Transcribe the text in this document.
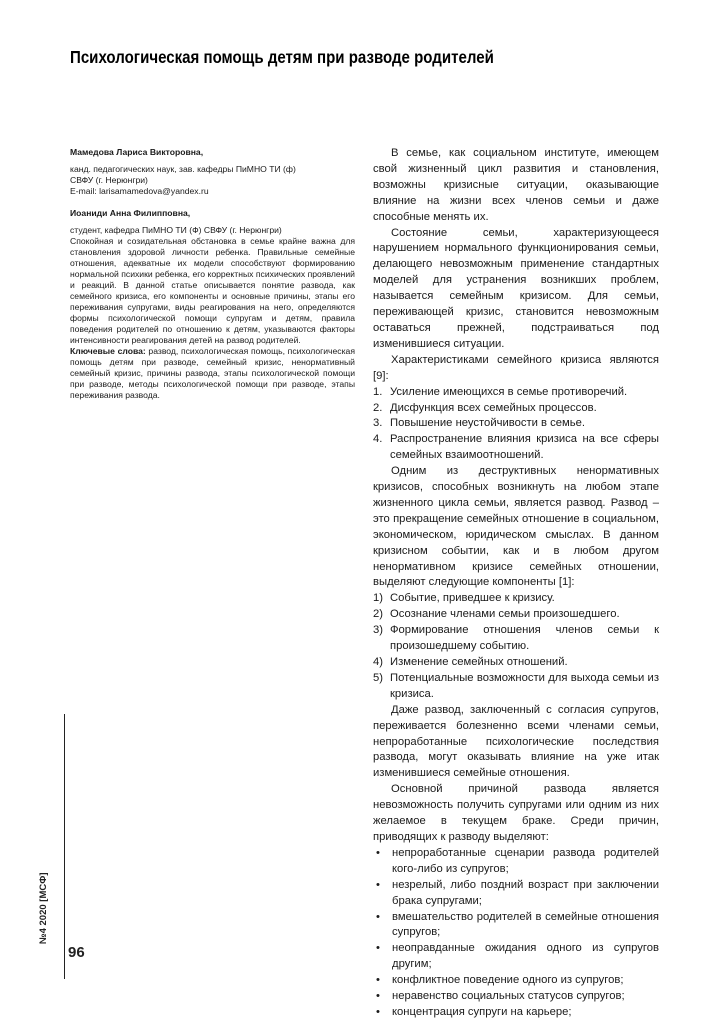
Психологическая помощь детям при разводе родителей

Мамедова Лариса Викторовна,

канд. педагогических наук, зав. кафедры ПиМНО ТИ (ф)

СВФУ (г. Нерюнгри)

E-mail: larisamamedova@yandex.ru

Иоаниди Анна Филипповна,

студент, кафедра ПиМНО ТИ (Ф) СВФУ (г. Нерюнгри)

Спокойная и созидательная обстановка в семье крайне важна для становления здоровой личности ребенка. Правильные семейные отношения, адекватные их модели способствуют формированию нормальной психики ребенка, его корректных психических проявлений и реакций. В данной статье описывается понятие развода, как семейного кризиса, его компоненты и основные причины, этапы его переживания супругами, виды реагирования на него, определяются формы психологической помощи супругам и детям, правила поведения родителей по отношению к детям, указываются факторы интенсивности реагирования детей на развод родителей.

Ключевые слова: развод, психологическая помощь, психологическая помощь детям при разводе, семейный кризис, ненормативный семейный кризис, причины развода, этапы психологической помощи при разводе, методы психологической помощи при разводе, этапы переживания развода.

В семье, как социальном институте, имеющем свой жизненный цикл развития и становления, возможны кризисные ситуации, оказывающие влияние на жизни всех членов семьи и даже способные менять их.

Состояние семьи, характеризующееся нарушением нормального функционирования семьи, делающего невозможным применение стандартных моделей для устранения возникших проблем, называется семейным кризисом. Для семьи, переживающей кризис, становится невозможным оставаться прежней, подстраиваться под изменившиеся ситуации.

Характеристиками семейного кризиса являются [9]:

1. Усиление имеющихся в семье противоречий.
2. Дисфункция всех семейных процессов.
3. Повышение неустойчивости в семье.
4. Распространение влияния кризиса на все сферы семейных взаимоотношений.

Одним из деструктивных ненормативных кризисов, способных возникнуть на любом этапе жизненного цикла семьи, является развод. Развод – это прекращение семейных отношение в социальном, экономическом, юридическом смыслах. В данном кризисном событии, как и в любом другом ненормативном кризисе семейных отношении, выделяют следующие компоненты [1]:

1) Событие, приведшее к кризису.
2) Осознание членами семьи произошедшего.
3) Формирование отношения членов семьи к произошедшему событию.
4) Изменение семейных отношений.
5) Потенциальные возможности для выхода семьи из кризиса.

Даже развод, заключенный с согласия супругов, переживается болезненно всеми членами семьи, непроработанные психологические последствия развода, могут оказывать влияние на уже итак изменившиеся семейные отношения.

Основной причиной развода является невозможность получить супругами или одним из них желаемое в текущем браке. Среди причин, приводящих к разводу выделяют:

• непроработанные сценарии развода родителей кого-либо из супругов;
• незрелый, либо поздний возраст при заключении брака супругами;
• вмешательство родителей в семейные отношения супругов;
• неоправданные ожидания одного из супругов другим;
• конфликтное поведение одного из супругов;
• неравенство социальных статусов супругов;
• концентрация супруги на карьере;
№4 2020 [МСФ]
96
